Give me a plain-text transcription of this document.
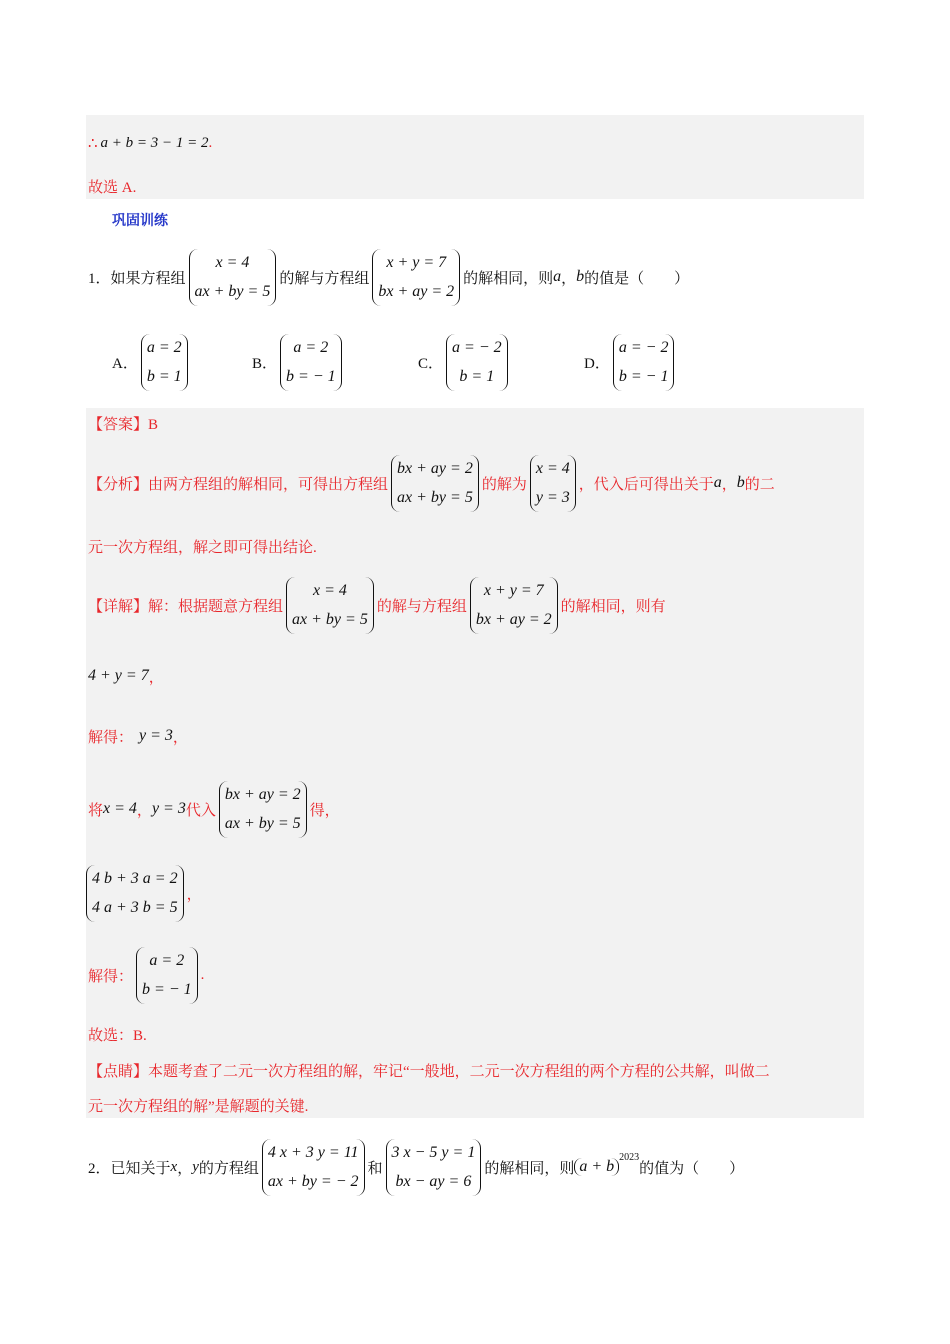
∴ a + b = 3 − 1 = 2 .
故选 A.
巩固训练
1． 如果方程组
x = 4
ax + by = 5
的解与方程组
x + y = 7
bx + ay = 2
的解相同，则 a ， b 的值是（　　）
A．
a = 2
b = 1
B．
a = 2
b = − 1
C．
a = − 2
b = 1
D．
a = − 2
b = − 1
【答案】B
【分析】 由两方程组的解相同，可得出方程组
bx + ay = 2
ax + by = 5
的解为
x = 4
y = 3
，代入后可得出关于 a ， b 的二
元一次方程组，解之即可得出结论.
【详解】 解：根据题意方程组
x = 4
ax + by = 5
的解与方程组
x + y = 7
bx + ay = 2
的解相同，则有
4 + y = 7 ，
解得： y = 3 ，
将 x = 4 ， y = 3 代入
bx + ay = 2
ax + by = 5
得，
4 b + 3 a = 2
4 a + 3 b = 5
，
解得：
a = 2
b = − 1
.
故选：B.
【点睛】 本题考查了二元一次方程组的解，牢记“一般地，二元一次方程组的两个方程的公共解，叫做二
元一次方程组的解”是解题的关键.
2． 已知关于 x ， y 的方程组
4 x + 3 y = 11
ax + by = − 2
和
3 x − 5 y = 1
bx − ay = 6
的解相同，则 a + b
2023
的值为（　　）
